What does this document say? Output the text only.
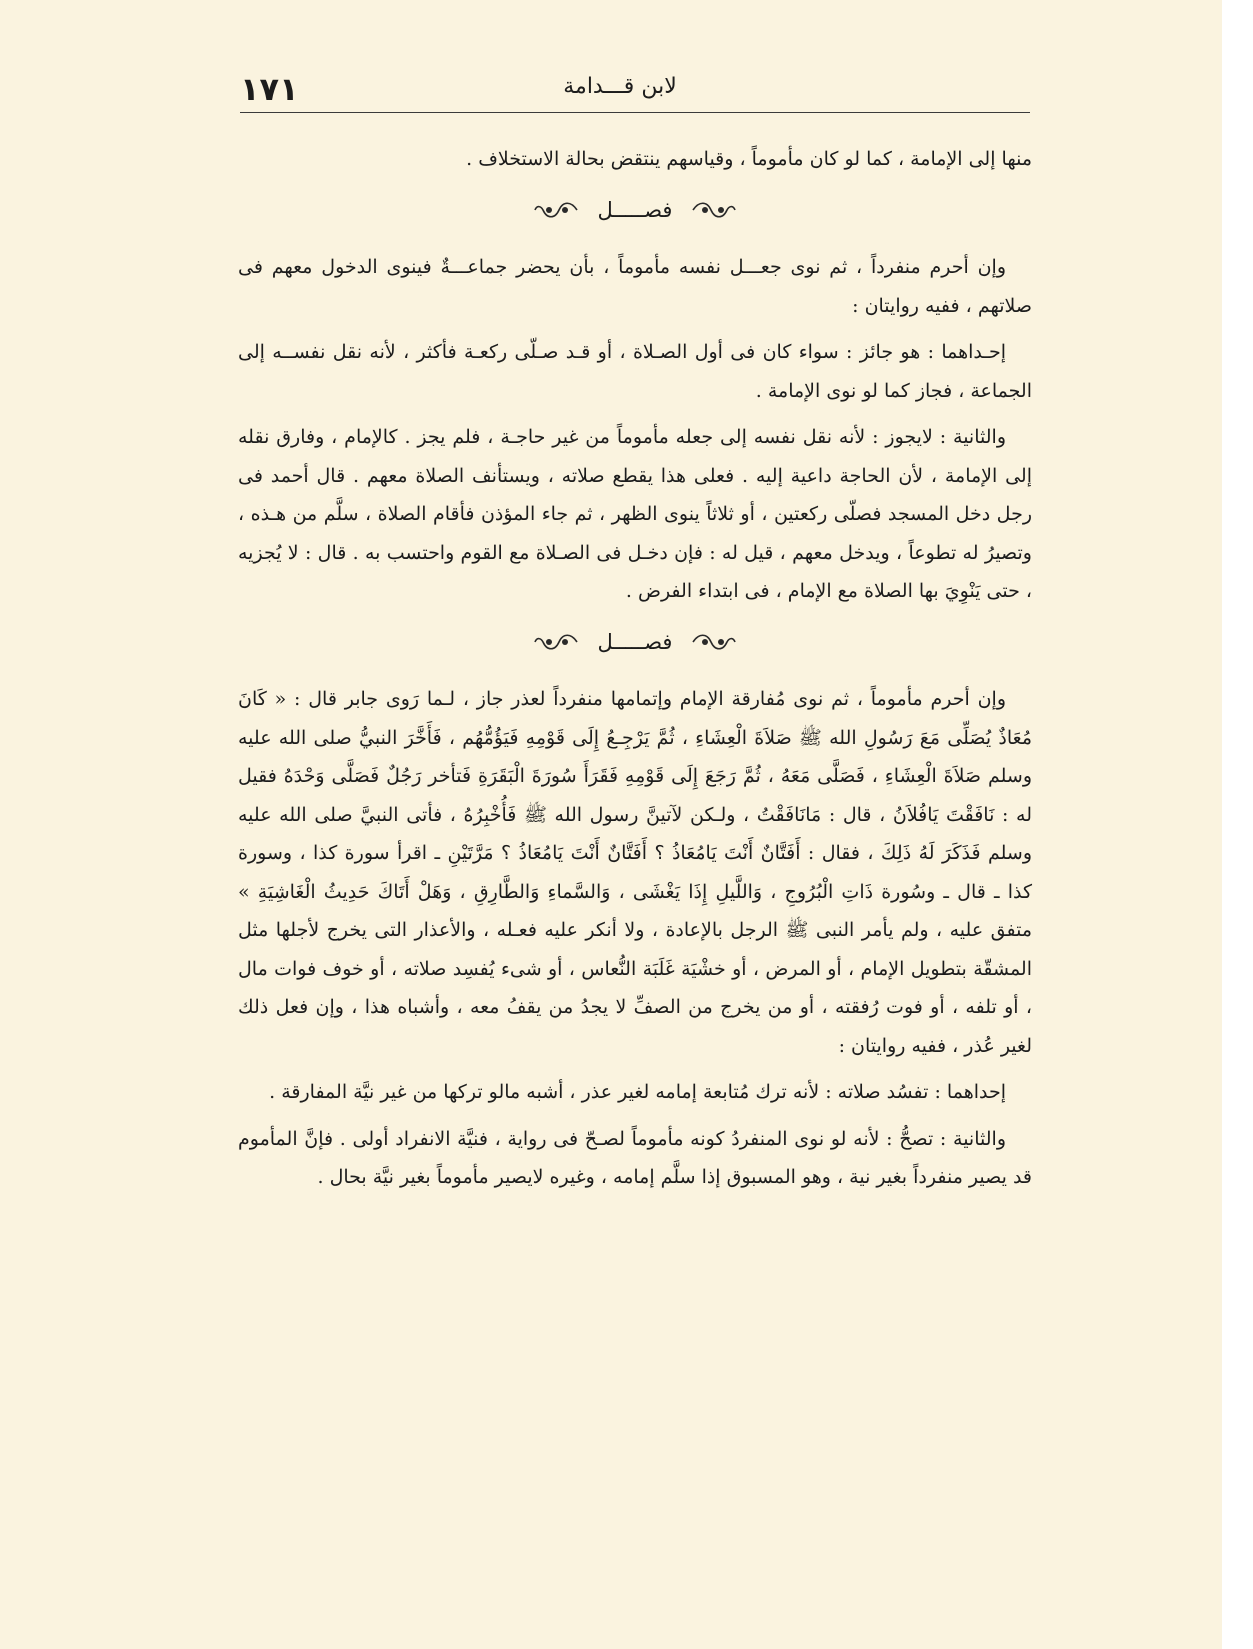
١٧١	لابن قـــدامة

منها إلى الإمامة ، كما لو كان مأموماً ، وقياسهم ينتقض بحالة الاستخلاف .

فصـــــل

وإن أحرم منفرداً ، ثم نوى جعـــل نفسه مأموماً ، بأن يحضر جماعـــةٌ فينوى الدخول معهم فى صلاتهم ، ففيه روايتان :

إحـداهما : هو جائز : سواء كان فى أول الصـلاة ، أو قـد صـلّى ركعـة فأكثر ، لأنه نقل نفســه إلى الجماعة ، فجاز كما لو نوى الإمامة .

والثانية : لايجوز : لأنه نقل نفسه إلى جعله مأموماً من غير حاجـة ، فلم يجز . كالإمام ، وفارق نقله إلى الإمامة ، لأن الحاجة داعية إليه . فعلى هذا يقطع صلاته ، ويستأنف الصلاة معهم . قال أحمد فى رجل دخل المسجد فصلّى ركعتين ، أو ثلاثاً ينوى الظهر ، ثم جاء المؤذن فأقام الصلاة ، سلَّم من هـذه ، وتصيرُ له تطوعاً ، ويدخل معهم ، قيل له : فإن دخـل فى الصـلاة مع القوم واحتسب به . قال : لا يُجزيه ، حتى يَنْوِيَ بها الصلاة مع الإمام ، فى ابتداء الفرض .

فصـــــل

وإن أحرم مأموماً ، ثم نوى مُفارقة الإمام وإتمامها منفرداً لعذر جاز ، لـما رَوى جابر قال : « كَانَ مُعَاذٌ يُصَلِّى مَعَ رَسُولِ الله ﷺ صَلاَةَ الْعِشَاءِ ، ثُمَّ يَرْجِـعُ إِلَى قَوْمِهِ فَيَؤُمُّهُم ، فَأَخَّرَ النبيُّ صلى الله عليه وسلم صَلاَةَ الْعِشَاءِ ، فَصَلَّى مَعَهُ ، ثُمَّ رَجَعَ إِلَى قَوْمِهِ فَقَرَأَ سُورَةَ الْبَقَرَةِ فَتأخر رَجُلٌ فَصَلَّى وَحْدَهُ فقيل له : نَافَقْتَ يَافُلاَنُ ، قال : مَانَافَقْتُ ، ولـكن لآتينَّ رسول الله ﷺ فَأُخْبِرُهُ ، فأتى النبيَّ صلى الله عليه وسلم فَذَكَرَ لَهُ ذَلِكَ ، فقال : أَفَتَّانٌ أَنْتَ يَامُعَاذُ ؟ أَفَتَّانٌ أَنْتَ يَامُعَاذُ ؟ مَرَّتَيْنِ ـ اقرأ سورة كذا ، وسورة كذا ـ قال ـ وسُورة ذَاتِ الْبُرُوجِ ، وَاللَّيلِ إِذَا يَغْشَى ، وَالسَّماءِ وَالطَّارِقِ ، وَهَلْ أَتَاكَ حَدِيثُ الْغَاشِيَةِ » متفق عليه ، ولم يأمر النبى ﷺ الرجل بالإعادة ، ولا أنكر عليه فعـله ، والأعذار التى يخرج لأجلها مثل المشقّة بتطويل الإمام ، أو المرض ، أو خشْيَة غَلَبَة النُّعاس ، أو شىء يُفسِد صلاته ، أو خوف فوات مال ، أو تلفه ، أو فوت رُفقته ، أو من يخرج من الصفِّ لا يجدُ من يقفُ معه ، وأشباه هذا ، وإن فعل ذلك لغير عُذر ، ففيه روايتان :

إحداهما : تفسُد صلاته : لأنه ترك مُتابعة إمامه لغير عذر ، أشبه مالو تركها من غير نيَّة المفارقة .

والثانية : تصحُّ : لأنه لو نوى المنفردُ كونه مأموماً لصـحّ فى رواية ، فنيَّة الانفراد أولى . فإنَّ المأموم قد يصير منفرداً بغير نية ، وهو المسبوق إذا سلَّم إمامه ، وغيره لايصير مأموماً بغير نيَّة بحال .
